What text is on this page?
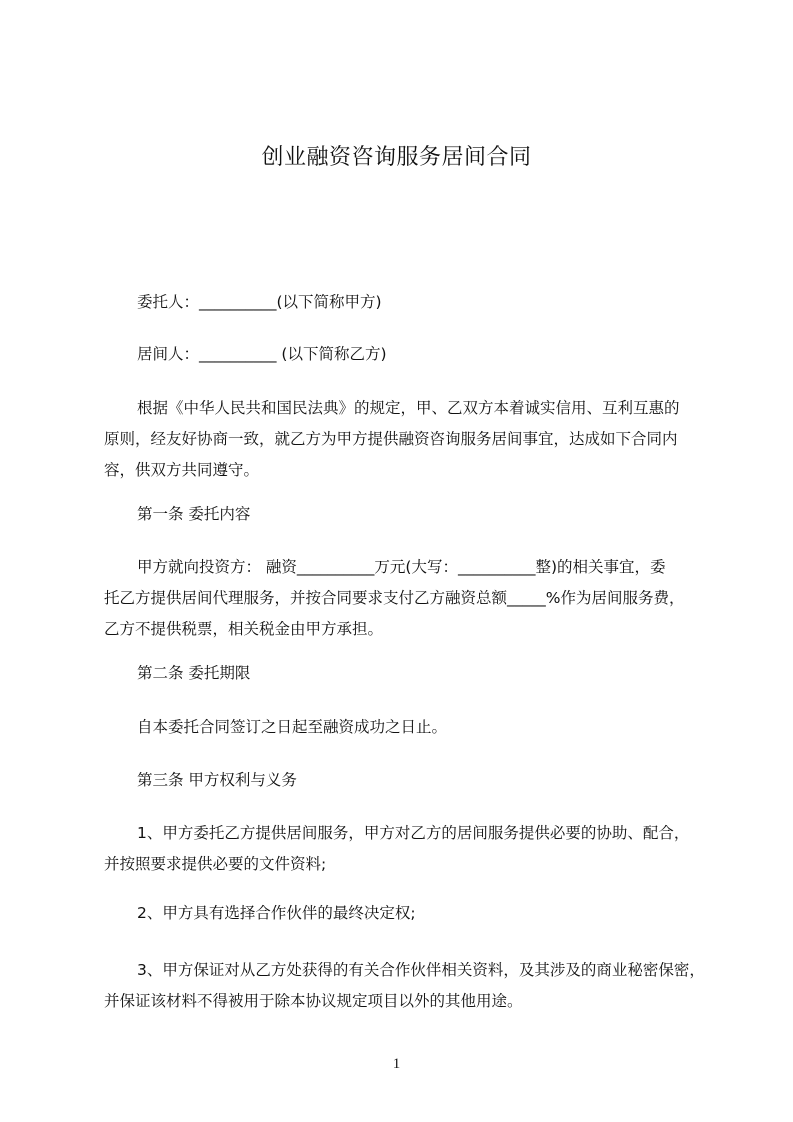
创业融资咨询服务居间合同
委托人：__________(以下简称甲方)
居间人：__________ (以下简称乙方)
根据《中华人民共和国民法典》的规定，甲、乙双方本着诚实信用、互利互惠的
原则，经友好协商一致，就乙方为甲方提供融资咨询服务居间事宜，达成如下合同内
容，供双方共同遵守。
第一条 委托内容
甲方就向投资方： 融资__________万元(大写：__________整)的相关事宜，委
托乙方提供居间代理服务，并按合同要求支付乙方融资总额_____%作为居间服务费，
乙方不提供税票，相关税金由甲方承担。
第二条 委托期限
自本委托合同签订之日起至融资成功之日止。
第三条 甲方权利与义务
1、甲方委托乙方提供居间服务，甲方对乙方的居间服务提供必要的协助、配合，
并按照要求提供必要的文件资料;
2、甲方具有选择合作伙伴的最终决定权;
3、甲方保证对从乙方处获得的有关合作伙伴相关资料，及其涉及的商业秘密保密，
并保证该材料不得被用于除本协议规定项目以外的其他用途。
1
